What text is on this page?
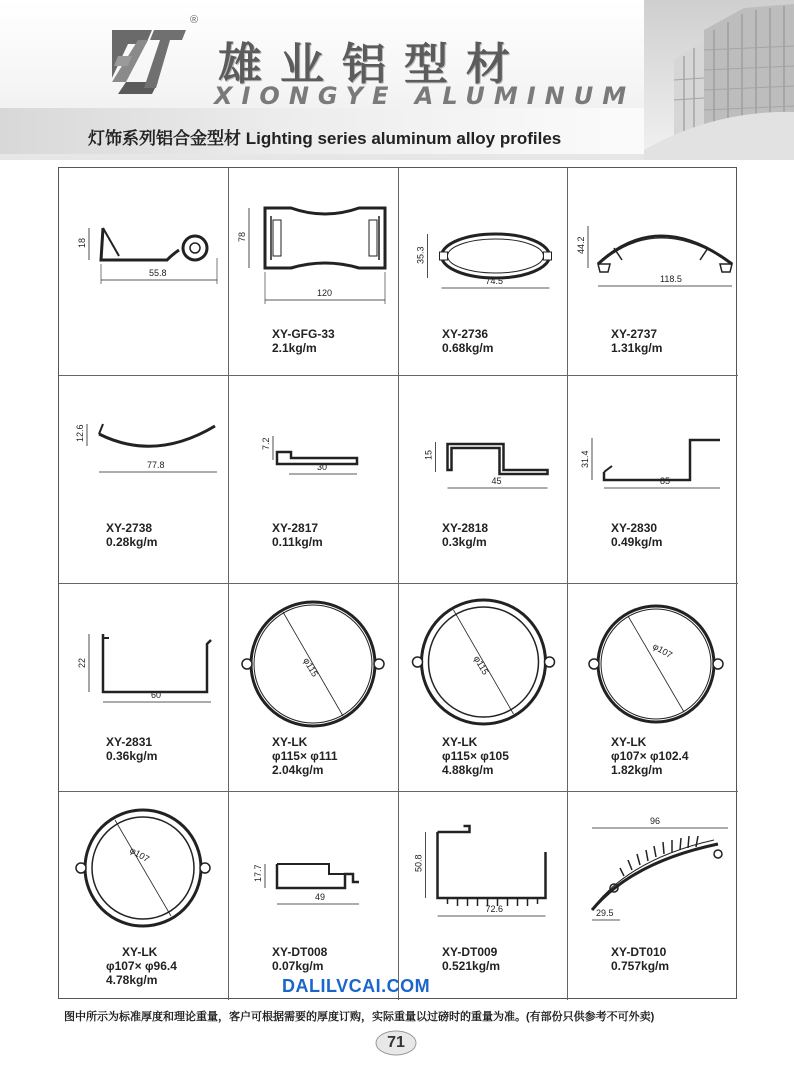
®
雄业铝型材
XIONGYE ALUMINUM
灯饰系列铝合金型材 Lighting series aluminum alloy profiles
18
55.8
78
120
35.3
74.5
44.2
118.5
12.6
77.8
7.2
30
15
45
31.4
85
22
60
φ115	φ115
φ107
φ107
17.7
49
50.8
72.6
96
29.5
XY-GFG-33
2.1kg/m
XY-2736
0.68kg/m
XY-2737
1.31kg/m
XY-2738
0.28kg/m
XY-2817
0.11kg/m
XY-2818
0.3kg/m
XY-2830
0.49kg/m
XY-2831
0.36kg/m
XY-LK
φ115× φ111
2.04kg/m
XY-LK
φ115× φ105
4.88kg/m
XY-LK
φ107× φ102.4
1.82kg/m
XY-LK
φ107× φ96.4
4.78kg/m
XY-DT008
0.07kg/m
XY-DT009
0.521kg/m
XY-DT010
0.757kg/m
DALILVCAI.COM
图中所示为标准厚度和理论重量，客户可根据需要的厚度订购，实际重量以过磅时的重量为准。(有部份只供参考不可外卖)
71
